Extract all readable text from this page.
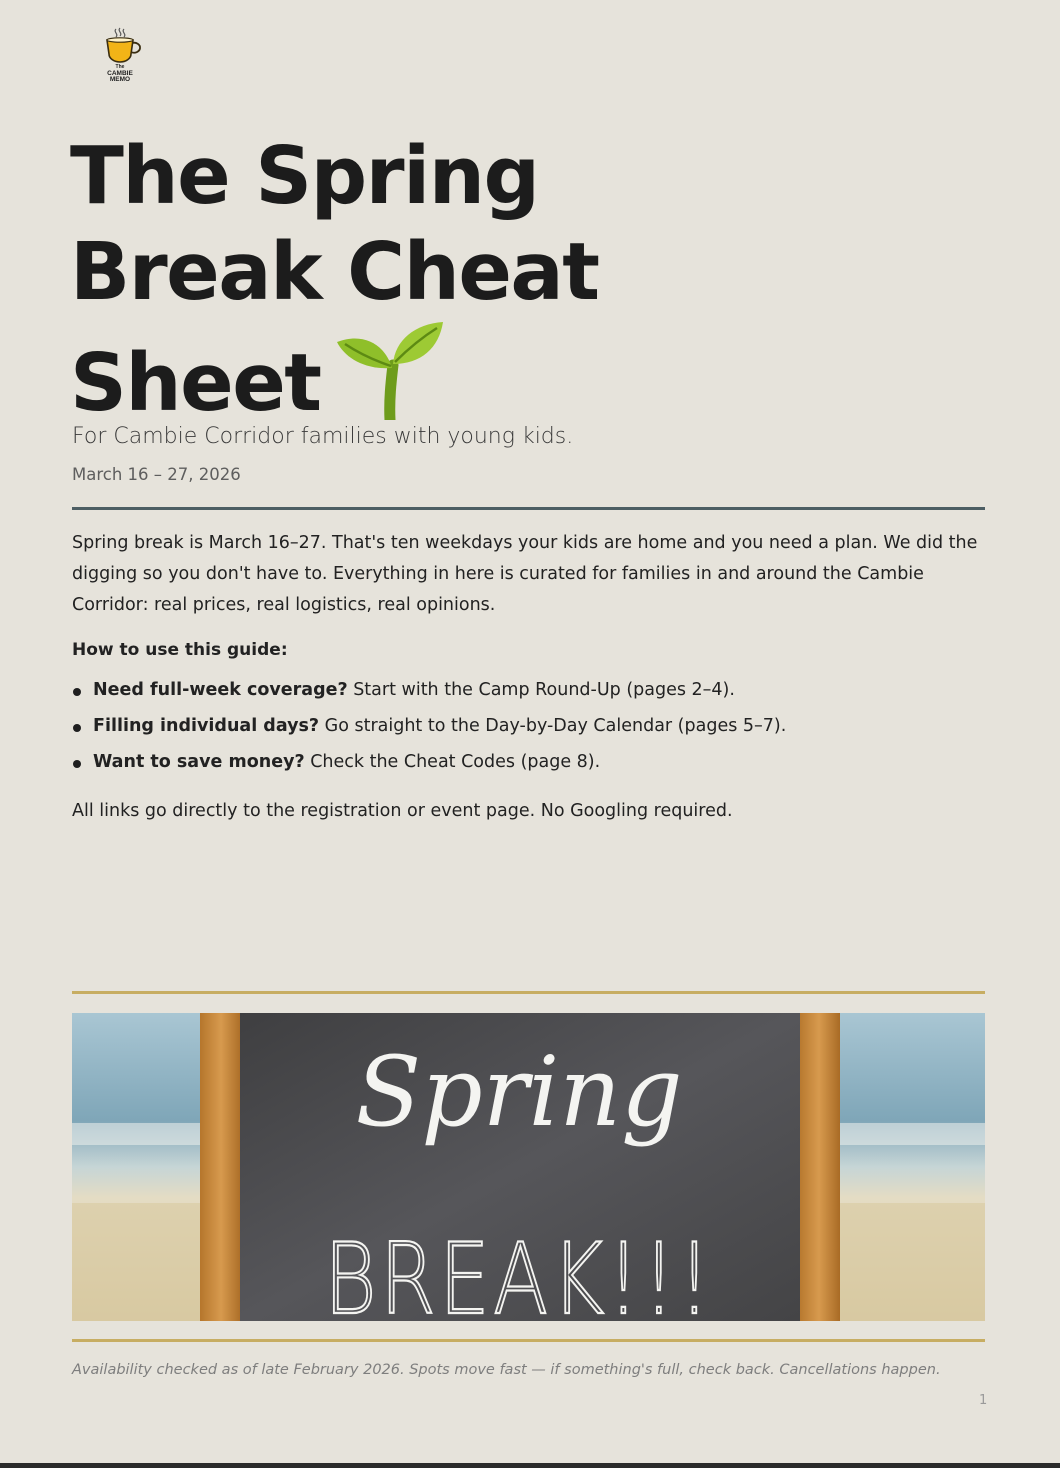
The
CAMBIE
MEMO
The Spring
Break Cheat
Sheet
For Cambie Corridor families with young kids.
March 16 – 27, 2026

Spring break is March 16–27. That's ten weekdays your kids are home and you need a plan. We did the digging so you don't have to. Everything in here is curated for families in and around the Cambie Corridor: real prices, real logistics, real opinions.

How to use this guide:

Need full-week coverage? Start with the Camp Round-Up (pages 2–4).
Filling individual days? Go straight to the Day-by-Day Calendar (pages 5–7).
Want to save money? Check the Cheat Codes (page 8).

All links go directly to the registration or event page. No Googling required.

Spring
BREAK!!!

Availability checked as of late February 2026. Spots move fast — if something's full, check back. Cancellations happen.

1
